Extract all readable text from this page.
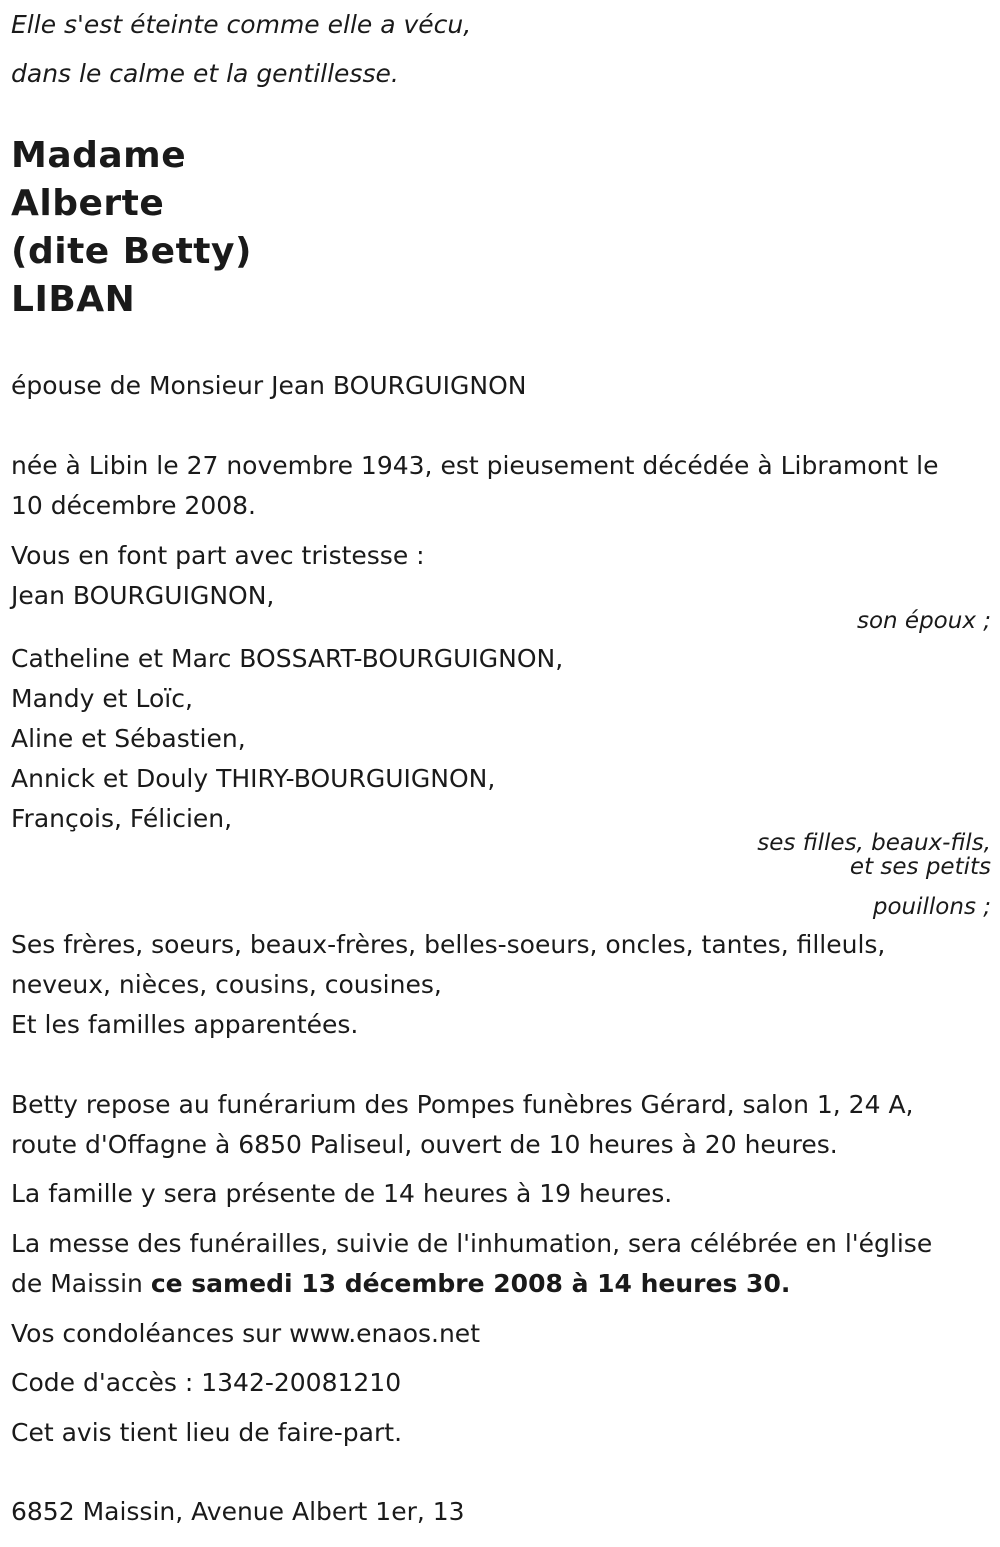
Elle s'est éteinte comme elle a vécu,
dans le calme et la gentillesse.
Madame
Alberte
(dite Betty)
LIBAN
épouse de Monsieur Jean BOURGUIGNON
née à Libin le 27 novembre 1943, est pieusement décédée à Libramont le
10 décembre 2008.
Vous en font part avec tristesse :
Jean BOURGUIGNON,
son époux ;
Catheline et Marc BOSSART-BOURGUIGNON,
Mandy et Loïc,
Aline et Sébastien,
Annick et Douly THIRY-BOURGUIGNON,
François, Félicien,
ses filles, beaux-fils,
et ses petits
pouillons ;
Ses frères, soeurs, beaux-frères, belles-soeurs, oncles, tantes, filleuls,
neveux, nièces, cousins, cousines,
Et les familles apparentées.
Betty repose au funérarium des Pompes funèbres Gérard, salon 1, 24 A,
route d'Offagne à 6850 Paliseul, ouvert de 10 heures à 20 heures.
La famille y sera présente de 14 heures à 19 heures.
La messe des funérailles, suivie de l'inhumation, sera célébrée en l'église
de Maissin ce samedi 13 décembre 2008 à 14 heures 30.
Vos condoléances sur www.enaos.net
Code d'accès : 1342-20081210
Cet avis tient lieu de faire-part.
6852 Maissin, Avenue Albert 1er, 13
